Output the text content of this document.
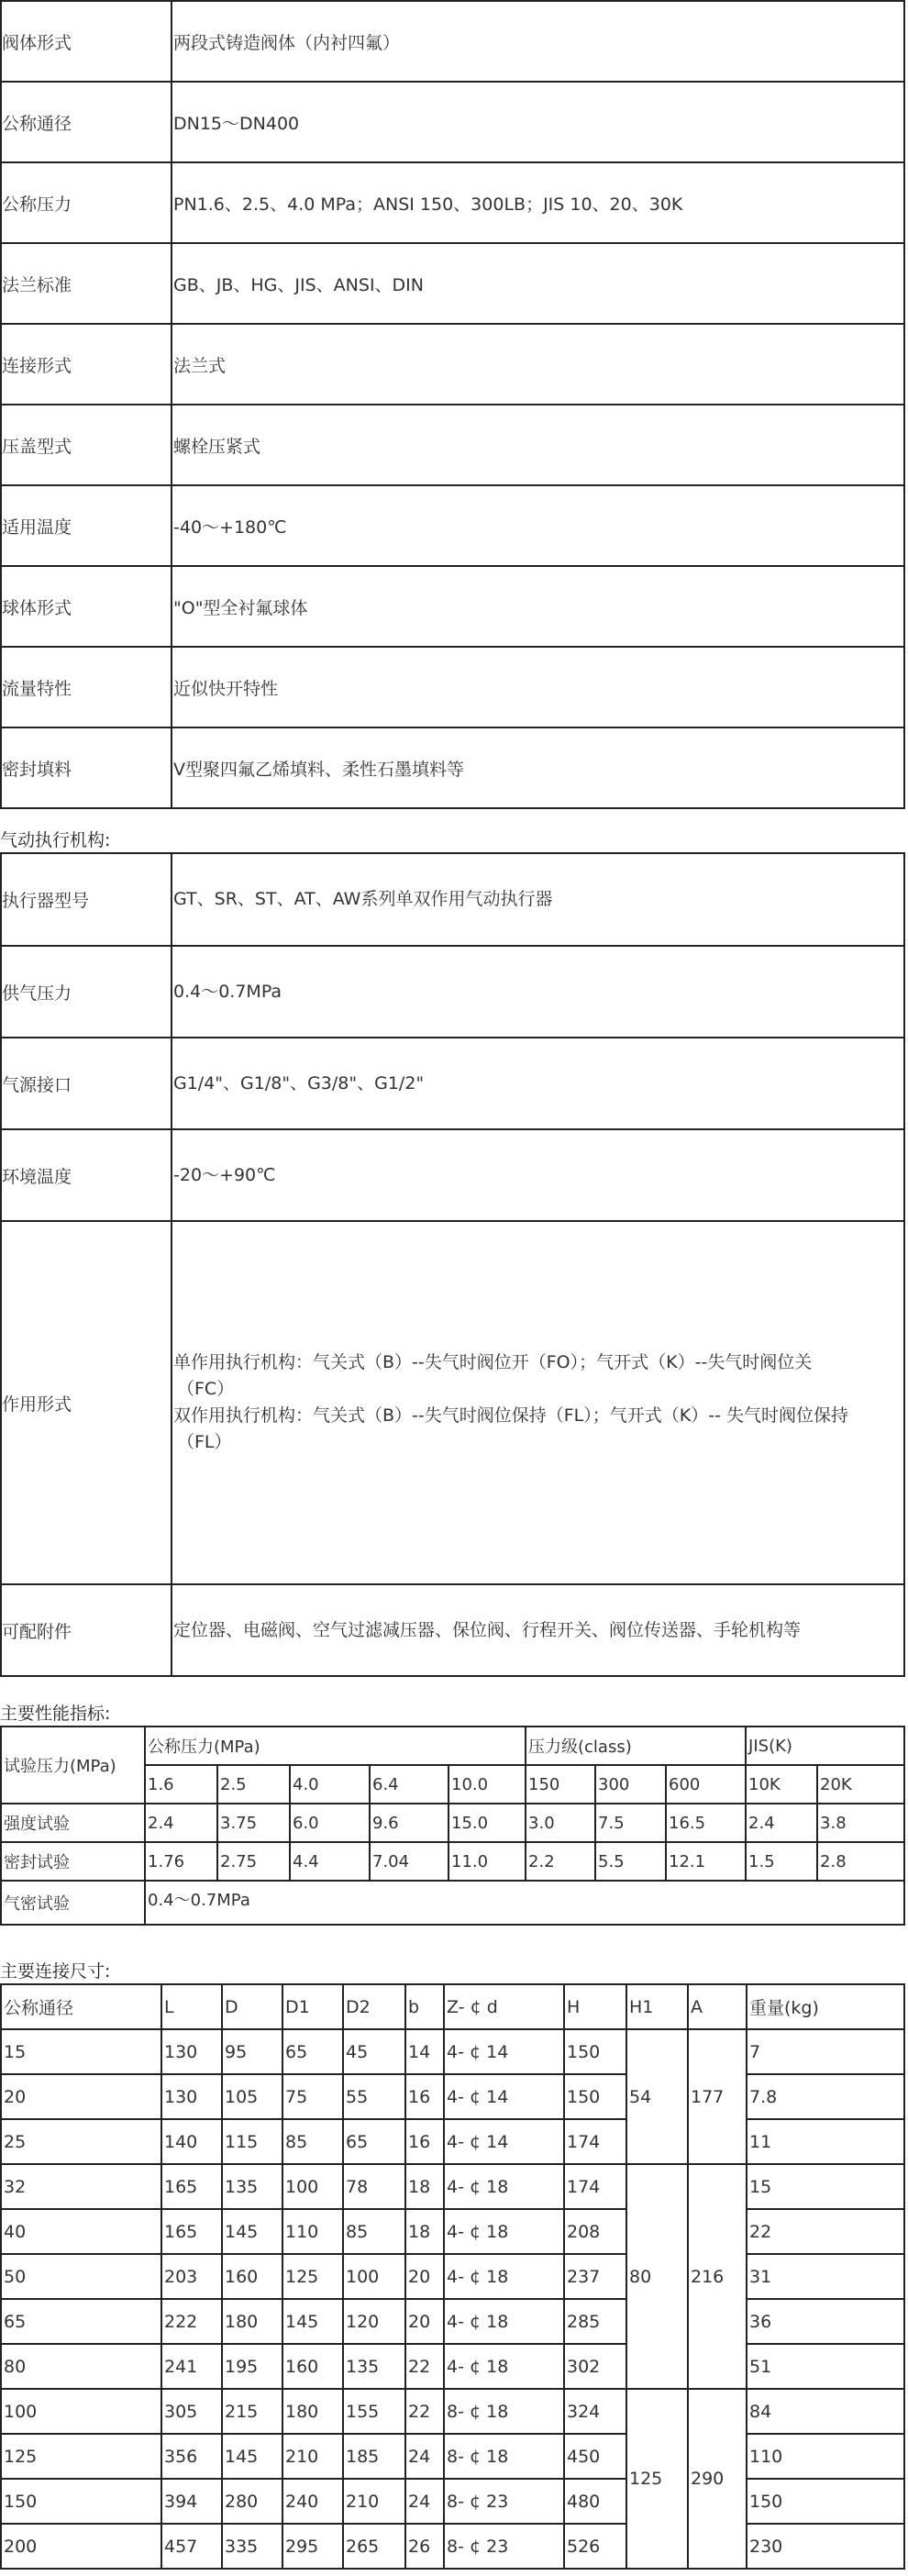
阀体形式	两段式铸造阀体（内衬四氟）
公称通径	DN15～DN400
公称压力	PN1.6、2.5、4.0 MPa；ANSI 150、300LB；JIS 10、20、30K
法兰标准	GB、JB、HG、JIS、ANSI、DIN
连接形式	法兰式
压盖型式	螺栓压紧式
适用温度	-40～+180℃
球体形式	"O"型全衬氟球体
流量特性	近似快开特性
密封填料	V型聚四氟乙烯填料、柔性石墨填料等
气动执行机构:
执行器型号	GT、SR、ST、AT、AW系列单双作用气动执行器
供气压力	0.4～0.7MPa
气源接口	G1/4"、G1/8"、G3/8"、G1/2"
环境温度	-20～+90℃
作用形式	单作用执行机构：气关式（B）--失气时阀位开（FO）；气开式（K）--失气时阀位关
（FC）
双作用执行机构：气关式（B）--失气时阀位保持（FL）；气开式（K）-- 失气时阀位保持
（FL）

可配附件	定位器、电磁阀、空气过滤减压器、保位阀、行程开关、阀位传送器、手轮机构等
主要性能指标:
试验压力(MPa)	公称压力(MPa)					压力级(class)			JIS(K)	
	1.6	2.5	4.0	6.4	10.0	150	300	600	10K	20K
强度试验	2.4	3.75	6.0	9.6	15.0	3.0	7.5	16.5	2.4	3.8
密封试验	1.76	2.75	4.4	7.04	11.0	2.2	5.5	12.1	1.5	2.8
气密试验	0.4～0.7MPa									
主要连接尺寸:
公称通径	L	D	D1	D2	b	Z- ¢ d	H	H1	A	重量(kg)
15	130	95	65	45	14	4- ¢ 14	150	54	177	7
20	130	105	75	55	16	4- ¢ 14	150			7.8
25	140	115	85	65	16	4- ¢ 14	174			11
32	165	135	100	78	18	4- ¢ 18	174	80	216	15
40	165	145	110	85	18	4- ¢ 18	208			22
50	203	160	125	100	20	4- ¢ 18	237			31
65	222	180	145	120	20	4- ¢ 18	285			36
80	241	195	160	135	22	4- ¢ 18	302			51
100	305	215	180	155	22	8- ¢ 18	324	125	290	84
125	356	145	210	185	24	8- ¢ 18	450			110
150	394	280	240	210	24	8- ¢ 23	480			150
200	457	335	295	265	26	8- ¢ 23	526			230
